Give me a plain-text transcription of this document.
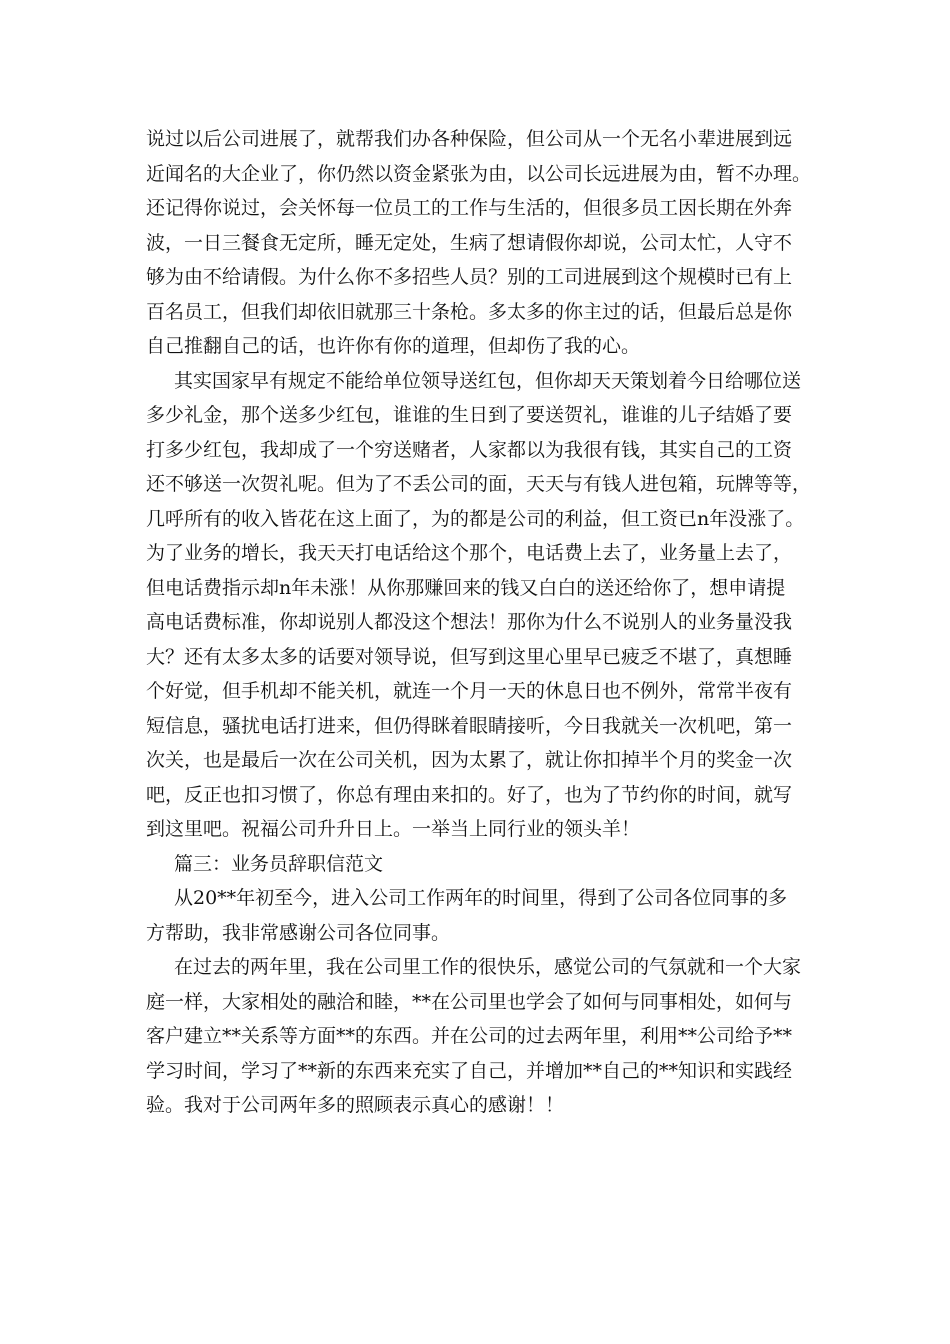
说过以后公司进展了，就帮我们办各种保险，但公司从一个无名小辈进展到远
近闻名的大企业了，你仍然以资金紧张为由，以公司长远进展为由，暂不办理。
还记得你说过，会关怀每一位员工的工作与生活的，但很多员工因长期在外奔
波，一日三餐食无定所，睡无定处，生病了想请假你却说，公司太忙，人守不
够为由不给请假。为什么你不多招些人员？别的工司进展到这个规模时已有上
百名员工，但我们却依旧就那三十条枪。多太多的你主过的话，但最后总是你
自己推翻自己的话，也许你有你的道理，但却伤了我的心。
其实国家早有规定不能给单位领导送红包，但你却天天策划着今日给哪位送
多少礼金，那个送多少红包，谁谁的生日到了要送贺礼，谁谁的儿子结婚了要
打多少红包，我却成了一个穷送赌者，人家都以为我很有钱，其实自己的工资
还不够送一次贺礼呢。但为了不丢公司的面，天天与有钱人进包箱，玩牌等等，
几呼所有的收入皆花在这上面了，为的都是公司的利益，但工资已n年没涨了。
为了业务的增长，我天天打电话给这个那个，电话费上去了，业务量上去了，
但电话费指示却n年未涨！从你那赚回来的钱又白白的送还给你了，想申请提
高电话费标准，你却说别人都没这个想法！那你为什么不说别人的业务量没我
大？还有太多太多的话要对领导说，但写到这里心里早已疲乏不堪了，真想睡
个好觉，但手机却不能关机，就连一个月一天的休息日也不例外，常常半夜有
短信息，骚扰电话打进来，但仍得眯着眼睛接听，今日我就关一次机吧，第一
次关，也是最后一次在公司关机，因为太累了，就让你扣掉半个月的奖金一次
吧，反正也扣习惯了，你总有理由来扣的。好了，也为了节约你的时间，就写
到这里吧。祝福公司升升日上。一举当上同行业的领头羊！
篇三：业务员辞职信范文
从20**年初至今，进入公司工作两年的时间里，得到了公司各位同事的多
方帮助，我非常感谢公司各位同事。
在过去的两年里，我在公司里工作的很快乐，感觉公司的气氛就和一个大家
庭一样，大家相处的融洽和睦，**在公司里也学会了如何与同事相处，如何与
客户建立**关系等方面**的东西。并在公司的过去两年里，利用**公司给予**
学习时间，学习了**新的东西来充实了自己，并增加**自己的**知识和实践经
验。我对于公司两年多的照顾表示真心的感谢！！
